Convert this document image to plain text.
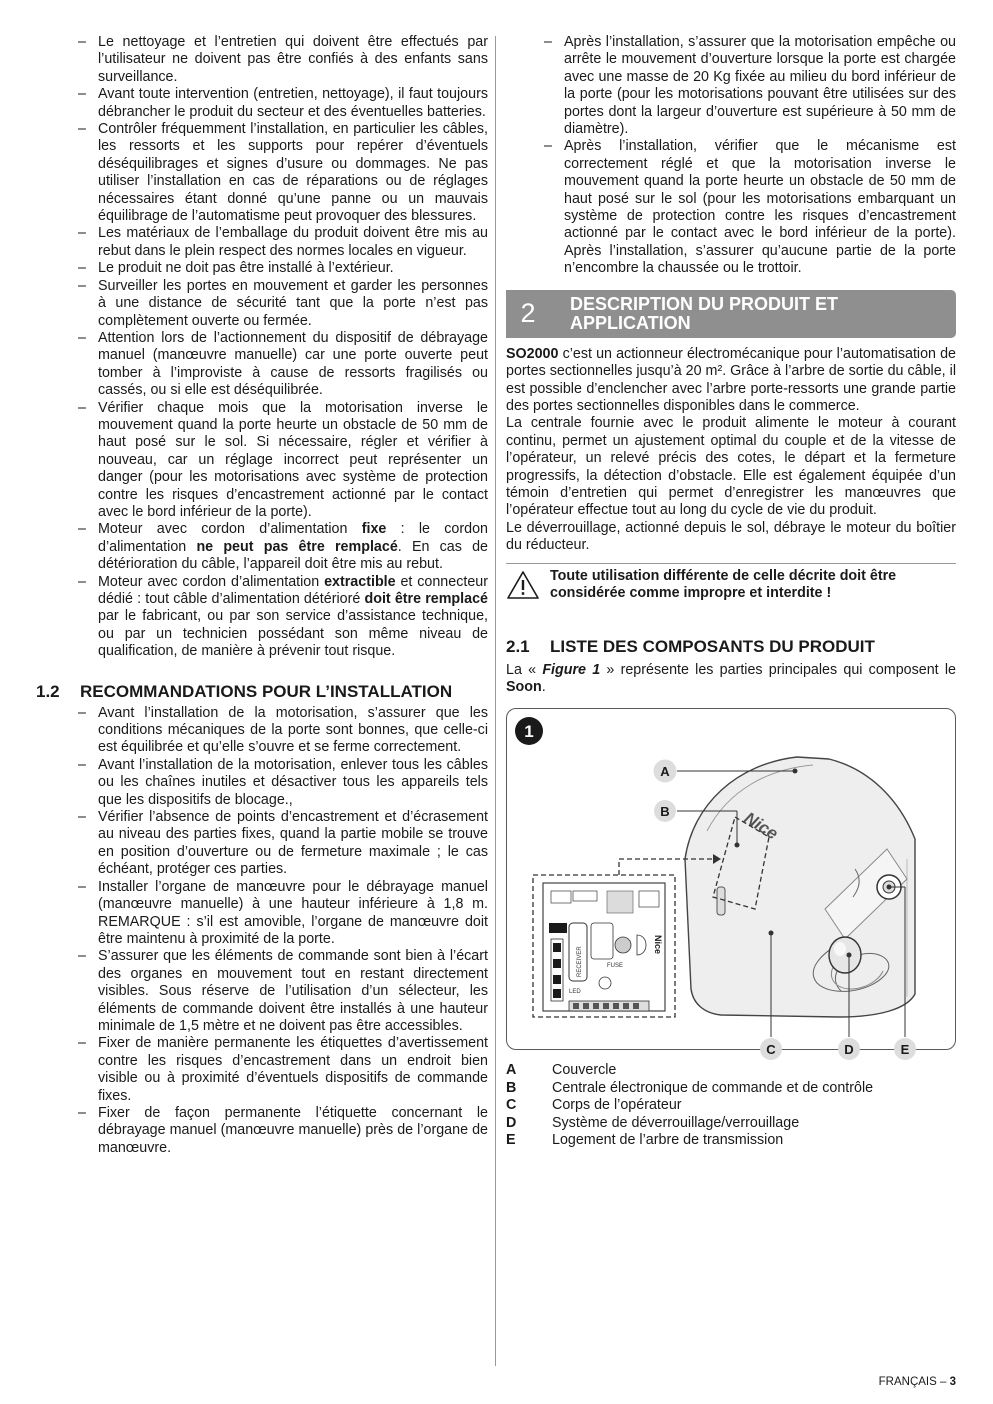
– Le nettoyage et l’entretien qui doivent être effectués par l’utilisateur ne doivent pas être confiés à des enfants sans surveillance.
– Avant toute intervention (entretien, nettoyage), il faut toujours débrancher le produit du secteur et des éventuelles batteries.
– Contrôler fréquemment l’installation, en particulier les câbles, les ressorts et les supports pour repérer d’éventuels déséquilibrages et signes d’usure ou dommages. Ne pas utiliser l’installation en cas de réparations ou de réglages nécessaires étant donné qu’une panne ou un mauvais équilibrage de l’automatisme peut provoquer des blessures.
– Les matériaux de l’emballage du produit doivent être mis au rebut dans le plein respect des normes locales en vigueur.
– Le produit ne doit pas être installé à l’extérieur.
– Surveiller les portes en mouvement et garder les personnes à une distance de sécurité tant que la porte n’est pas complètement ouverte ou fermée.
– Attention lors de l’actionnement du dispositif de débrayage manuel (manœuvre manuelle) car une porte ouverte peut tomber à l’improviste à cause de ressorts fragilisés ou cassés, ou si elle est déséquilibrée.
– Vérifier chaque mois que la motorisation inverse le mouvement quand la porte heurte un obstacle de 50 mm de haut posé sur le sol. Si nécessaire, régler et vérifier à nouveau, car un réglage incorrect peut représenter un danger (pour les motorisations avec système de protection contre les risques d’encastrement actionné par le contact avec le bord inférieur de la porte).
– Moteur avec cordon d’alimentation fixe : le cordon d’alimentation ne peut pas être remplacé. En cas de détérioration du câble, l’appareil doit être mis au rebut.
– Moteur avec cordon d’alimentation extractible et connecteur dédié : tout câble d’alimentation détérioré doit être remplacé par le fabricant, ou par son service d’assistance technique, ou par un technicien possédant son même niveau de qualification, de manière à prévenir tout risque.
1.2 RECOMMANDATIONS POUR L’INSTALLATION
– Avant l’installation de la motorisation, s’assurer que les conditions mécaniques de la porte sont bonnes, que celle-ci est équilibrée et qu’elle s’ouvre et se ferme correctement.
– Avant l’installation de la motorisation, enlever tous les câbles ou les chaînes inutiles et désactiver tous les appareils tels que les dispositifs de blocage.,
– Vérifier l’absence de points d’encastrement et d’écrasement au niveau des parties fixes, quand la partie mobile se trouve en position d’ouverture ou de fermeture maximale ; le cas échéant, protéger ces parties.
– Installer l’organe de manœuvre pour le débrayage manuel (manœuvre manuelle) à une hauteur inférieure à 1,8 m. REMARQUE : s’il est amovible, l’organe de manœuvre doit être maintenu à proximité de la porte.
– S’assurer que les éléments de commande sont bien à l’écart des organes en mouvement tout en restant directement visibles. Sous réserve de l’utilisation d’un sélecteur, les éléments de commande doivent être installés à une hauteur minimale de 1,5 mètre et ne doivent pas être accessibles.
– Fixer de manière permanente les étiquettes d’avertissement contre les risques d’encastrement dans un endroit bien visible ou à proximité d’éventuels dispositifs de commande fixes.
– Fixer de façon permanente l’étiquette concernant le débrayage manuel (manœuvre manuelle) près de l’organe de manœuvre.
– Après l’installation, s’assurer que la motorisation empêche ou arrête le mouvement d’ouverture lorsque la porte est chargée avec une masse de 20 Kg fixée au milieu du bord inférieur de la porte (pour les motorisations pouvant être utilisées sur des portes dont la largeur d’ouverture est supérieure à 50 mm de diamètre).
– Après l’installation, vérifier que le mécanisme est correctement réglé et que la motorisation inverse le mouvement quand la porte heurte un obstacle de 50 mm de haut posé sur le sol (pour les motorisations embarquant un système de protection contre les risques d’encastrement actionné par le contact avec le bord inférieur de la porte). Après l’installation, s’assurer qu’aucune partie de la porte n’encombre la chaussée ou le trottoir.
2 DESCRIPTION DU PRODUIT ET
APPLICATION

SO2000 c’est un actionneur électromécanique pour l’automatisation de portes sectionnelles jusqu’à 20 m². Grâce à l’arbre de sortie du câble, il est possible d’enclencher avec l’arbre porte-ressorts une grande partie des portes sectionnelles disponibles dans le commerce.

La centrale fournie avec le produit alimente le moteur à courant continu, permet un ajustement optimal du couple et de la vitesse de l’opérateur, un relevé précis des cotes, le départ et la fermeture progressifs, la détection d’obstacle. Elle est également équipée d’un témoin d’entretien qui permet d’enregistrer les manœuvres que l’opérateur effectue tout au long du cycle de vie du produit.

Le déverrouillage, actionné depuis le sol, débraye le moteur du boîtier du réducteur.

Toute utilisation différente de celle décrite doit être considérée comme impropre et interdite !
2.1 LISTE DES COMPOSANTS DU PRODUIT

La « Figure 1 » représente les parties principales qui composent le Soon.

1
Nice
RECEIVER
Nice
FUSE
LED
A
B
C	D	E
A Couvercle
B Centrale électronique de commande et de contrôle
C Corps de l’opérateur
D Système de déverrouillage/verrouillage
E	Logement de l’arbre de transmission
FRANÇAIS – 3
